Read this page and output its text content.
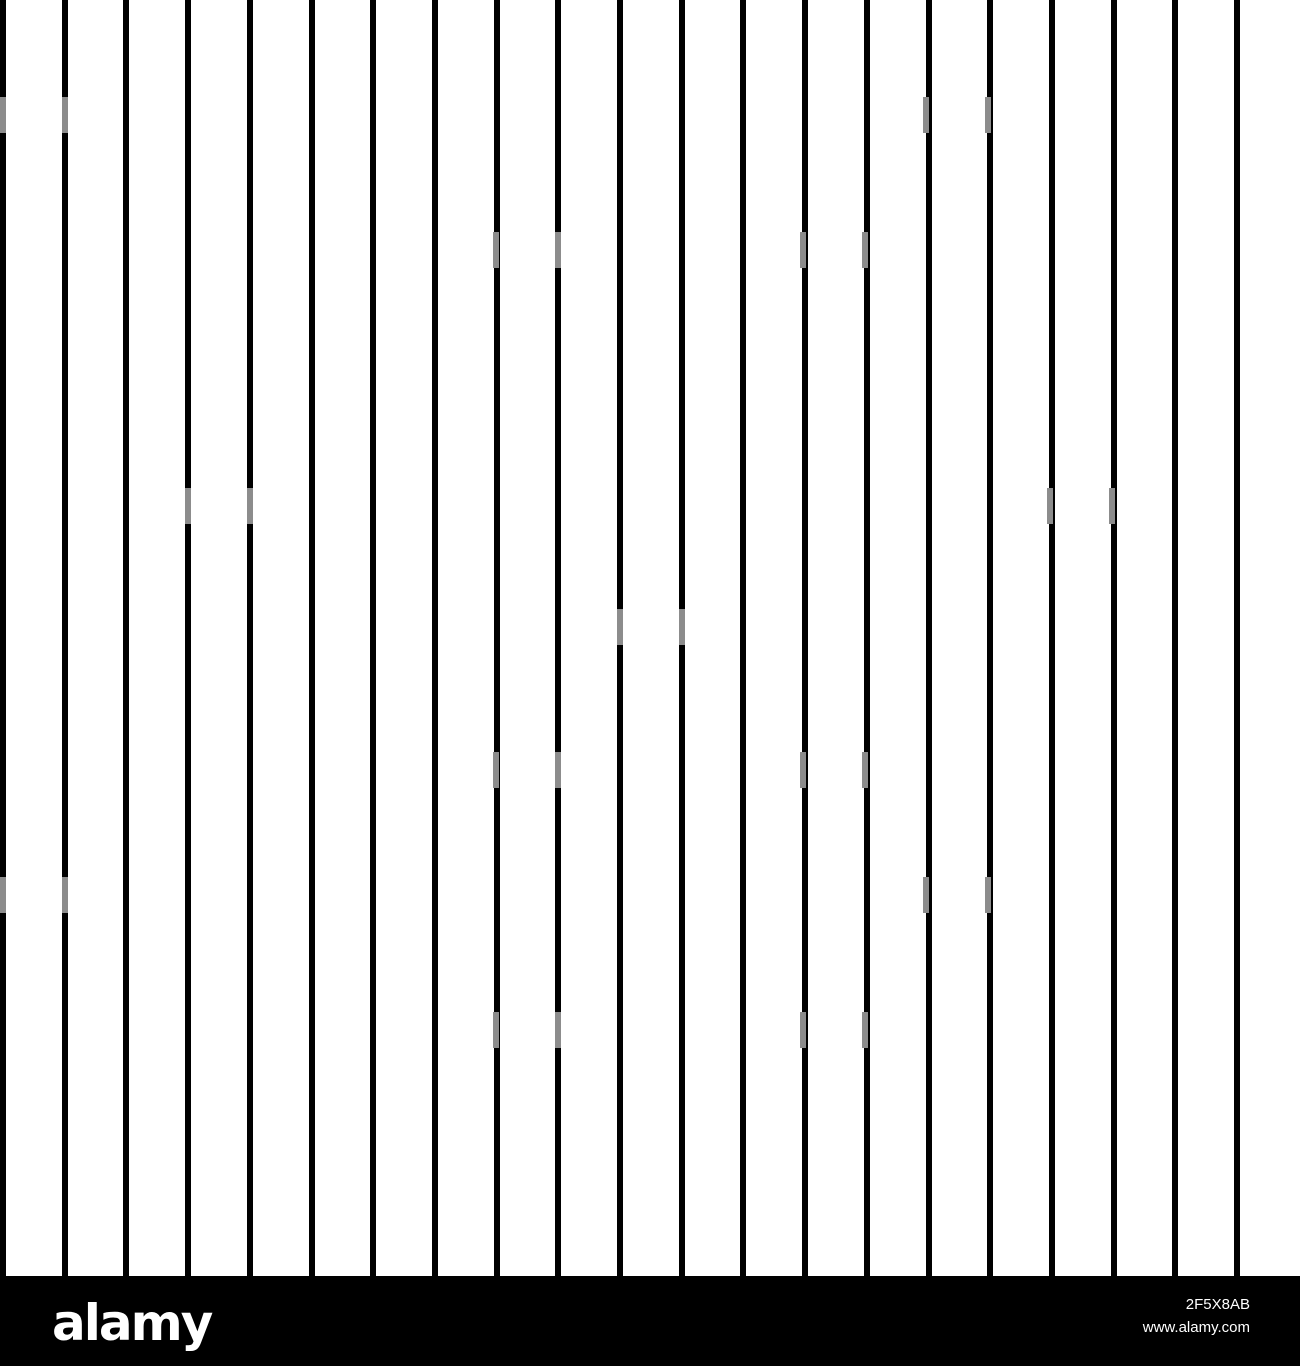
alamy	2F5X8AB
www.alamy.com
